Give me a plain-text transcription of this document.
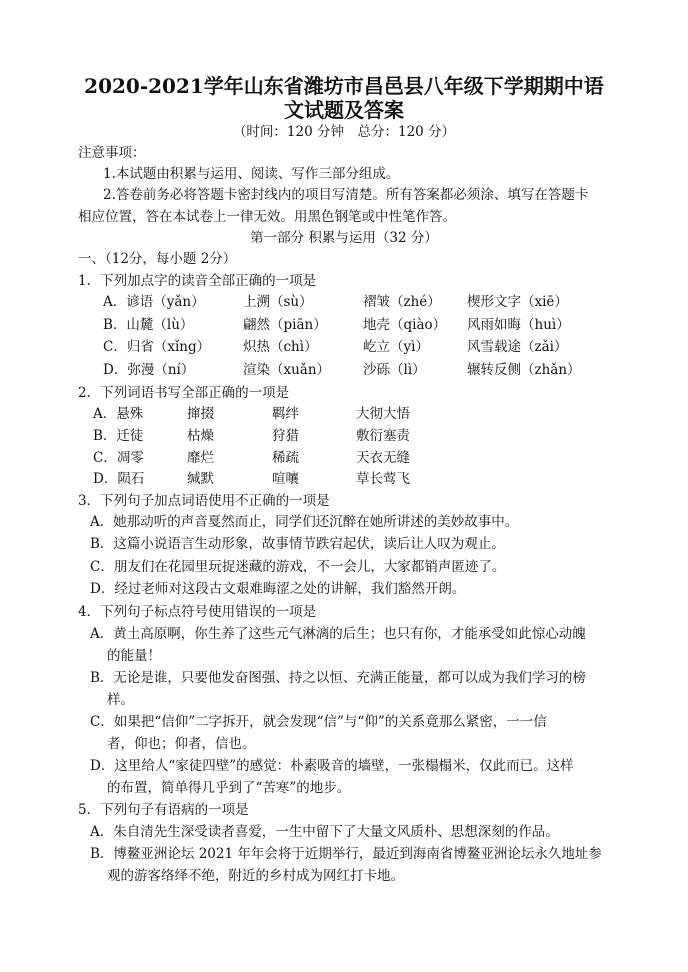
2020-2021学年山东省潍坊市昌邑县八年级下学期期中语
文试题及答案

（时间：120 分钟　总分：120 分）

注意事项：

1.本试题由积累与运用、阅读、写作三部分组成。

2.答卷前务必将答题卡密封线内的项目写清楚。所有答案都必须涂、填写在答题卡

相应位置，答在本试卷上一律无效。用黑色钢笔或中性笔作答。

第一部分 积累与运用（32 分）

一、（12分，每小题 2分）

1．下列加点字的读音全部正确的一项是

A．谚语（yǎn）	上溯（sù）	褶皱（zhé） 楔形文字（xiē）
B．山麓（lù）	翩然（piān）	地壳（qiào） 风雨如晦（huì）
C．归省（xǐng） 炽热（chì）	屹立（yì）	风雪载途（zǎi）
D．弥漫（ní）	渲染（xuǎn） 沙砾（lì）	辗转反侧（zhǎn）

2．下列词语书写全部正确的一项是

A．悬殊	撺掇	羁绊	大彻大悟
B．迁徒	枯燥	狩猎	敷衍塞责
C．凋零	靡烂	稀疏	天衣无缝
D．陨石	缄默	喧嚷	草长莺飞

3．下列句子加点词语使用不正确的一项是

A．她那动听的声音戛然而止，同学们还沉醉在她所讲述的美妙故事中。

B．这篇小说语言生动形象，故事情节跌宕起伏，读后让人叹为观止。

C．朋友们在花园里玩捉迷藏的游戏，不一会儿，大家都销声匿迹了。

D．经过老师对这段古文艰难晦涩之处的讲解，我们豁然开朗。

4．下列句子标点符号使用错误的一项是

A．黄土高原啊，你生养了这些元气淋漓的后生；也只有你，才能承受如此惊心动魄

的能量！

B．无论是谁，只要他发奋图强、持之以恒、充满正能量，都可以成为我们学习的榜

样。

C．如果把“信仰”二字拆开，就会发现“信”与“仰”的关系竟那么紧密，一一信

者，仰也；仰者，信也。

D．这里给人“家徒四壁”的感觉：朴素吸音的墙壁，一张榻榻米，仅此而已。这样

的布置，简单得几乎到了“苦寒”的地步。

5．下列句子有语病的一项是

A．朱自清先生深受读者喜爱，一生中留下了大量文风质朴、思想深刻的作品。

B．博鳌亚洲论坛 2021 年年会将于近期举行，最近到海南省博鳌亚洲论坛永久地址参

观的游客络绎不绝，附近的乡村成为网红打卡地。
